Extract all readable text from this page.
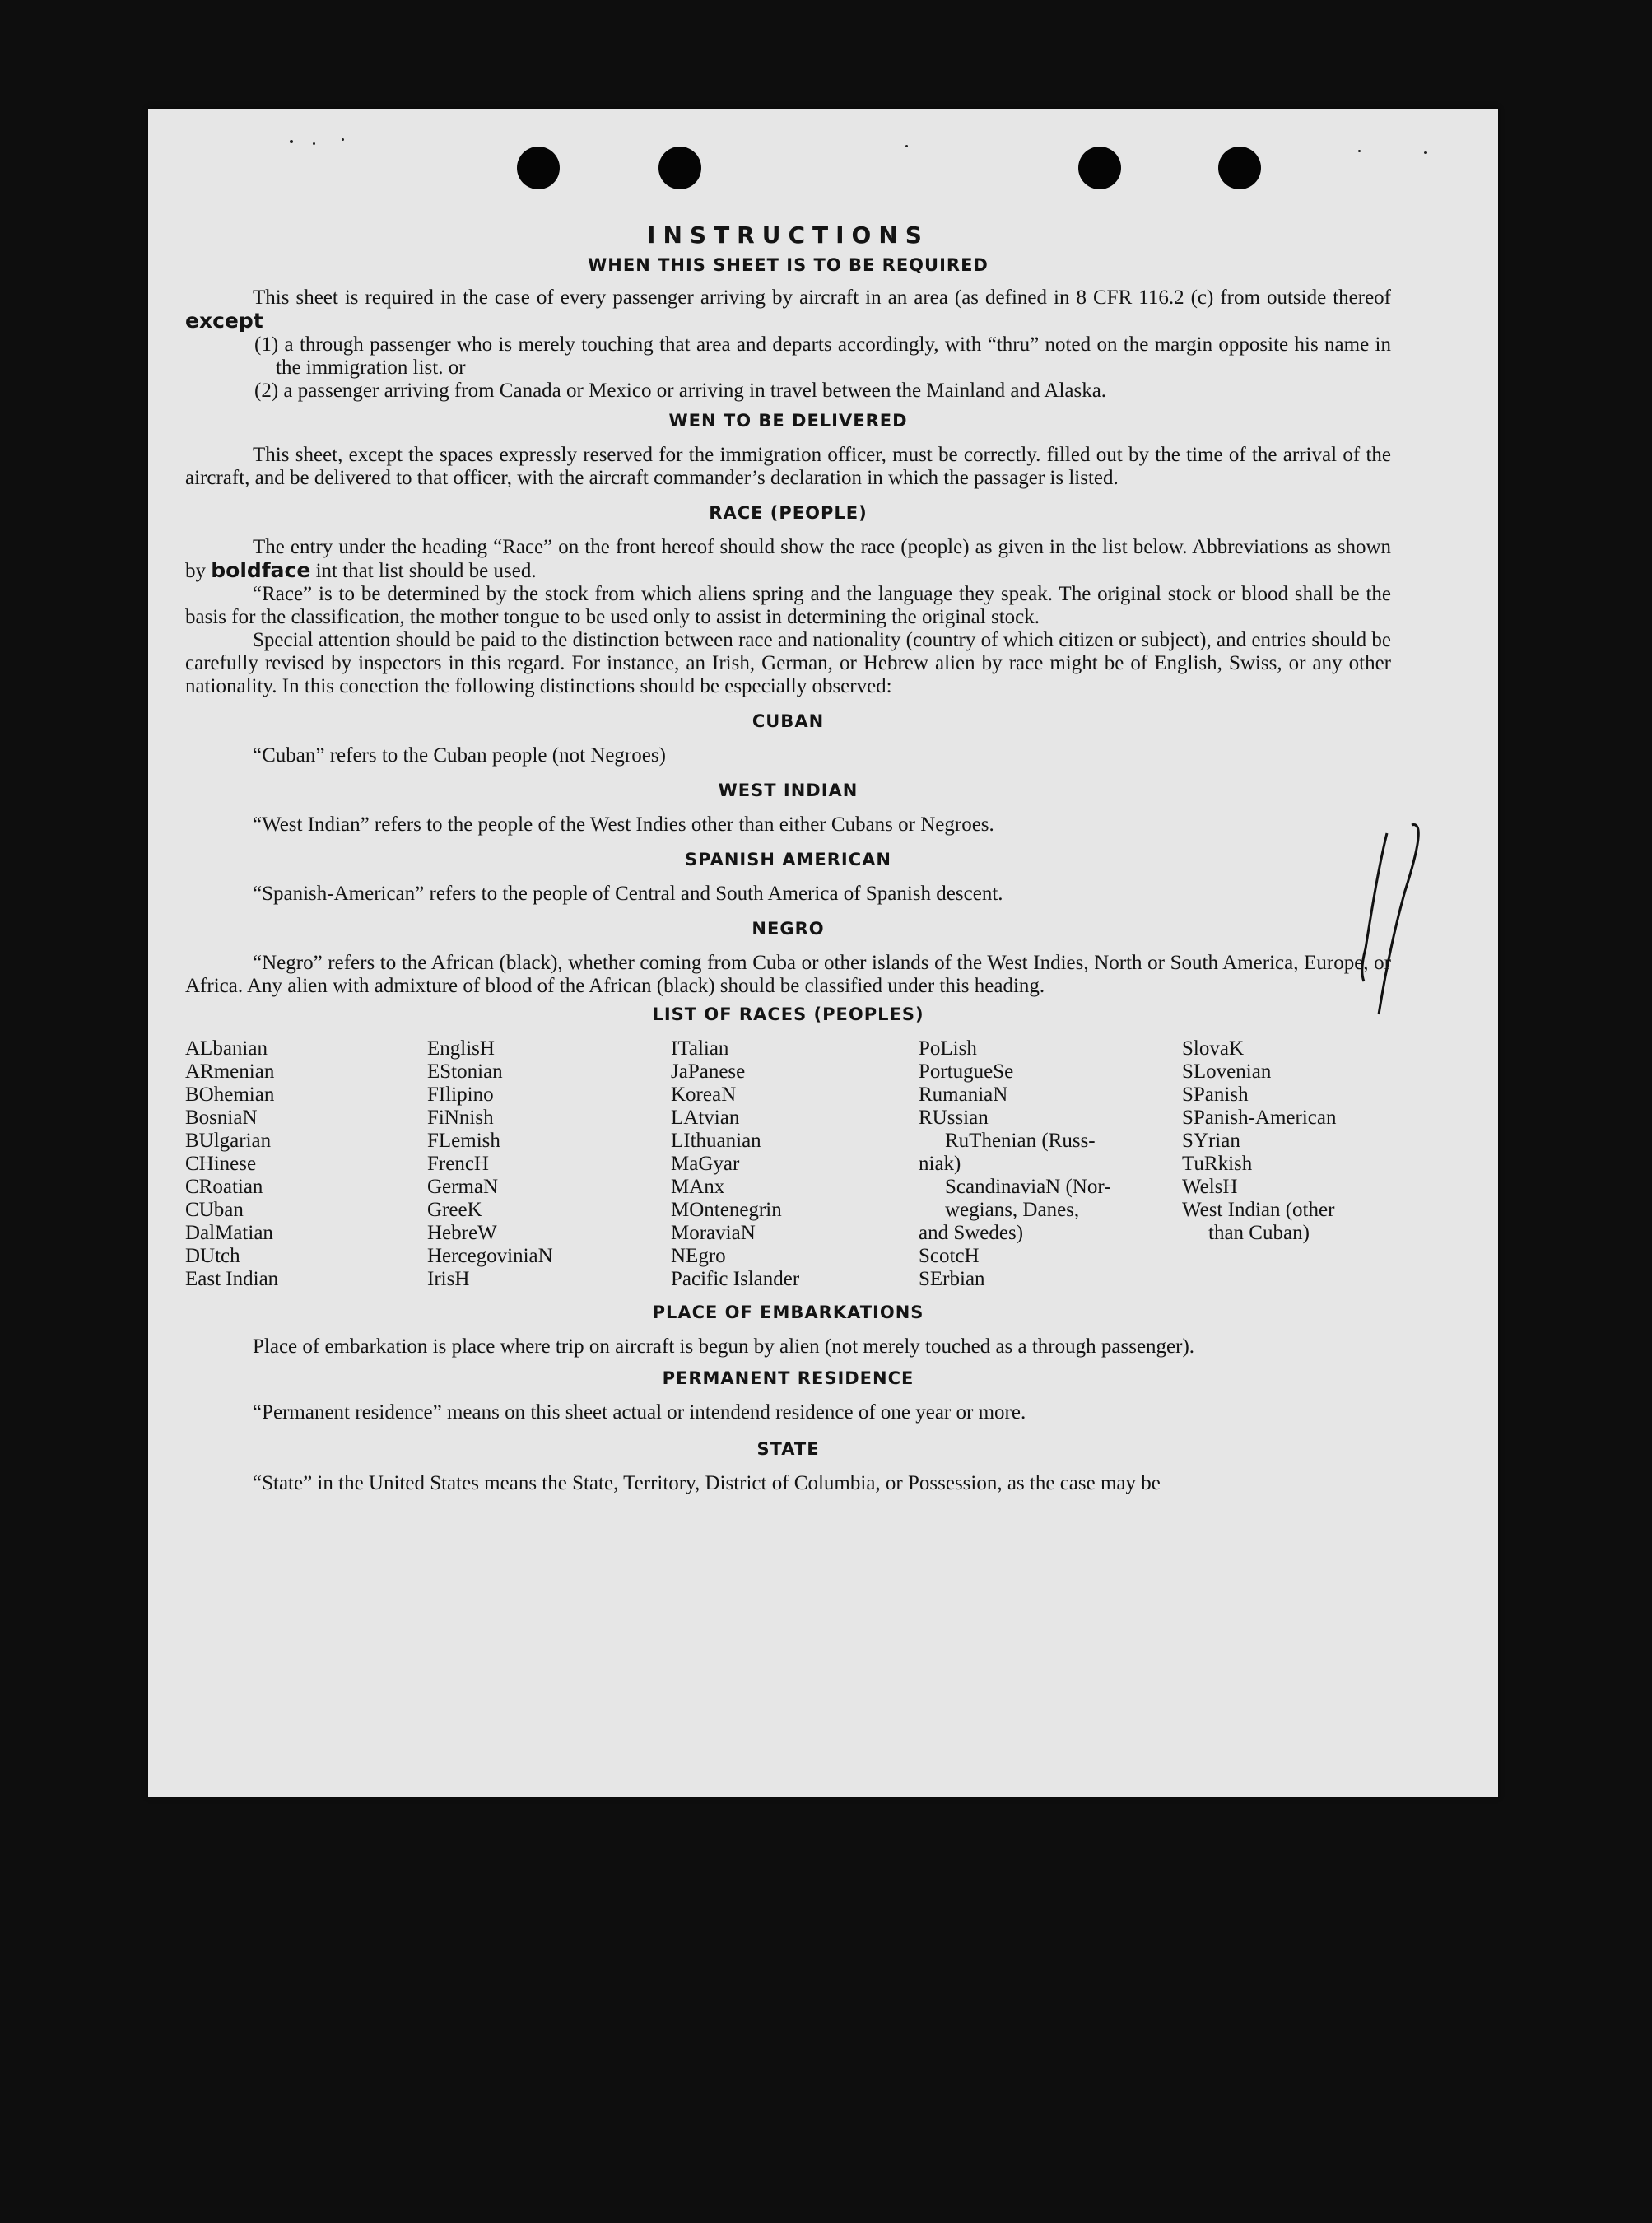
INSTRUCTIONS
WHEN THIS SHEET IS TO BE REQUIRED

This sheet is required in the case of every passenger arriving by aircraft in an area (as defined in 8 CFR 116.2 (c) from outside thereof except

(1) a through passenger who is merely touching that area and departs accordingly, with “thru” noted on the margin opposite his name in the immigration list. or

(2) a passenger arriving from Canada or Mexico or arriving in travel between the Mainland and Alaska.

WEN TO BE DELIVERED

This sheet, except the spaces expressly reserved for the immigration officer, must be correctly. filled out by the time of the arrival of the aircraft, and be delivered to that officer, with the aircraft commander’s declaration in which the passager is listed.

RACE (PEOPLE)

The entry under the heading “Race” on the front hereof should show the race (people) as given in the list below. Abbreviations as shown by boldface int that list should be used.

“Race” is to be determined by the stock from which aliens spring and the language they speak. The original stock or blood shall be the basis for the classification, the mother tongue to be used only to assist in determining the original stock.

Special attention should be paid to the distinction between race and nationality (country of which citizen or subject), and entries should be carefully revised by inspectors in this regard. For instance, an Irish, German, or Hebrew alien by race might be of English, Swiss, or any other nationality. In this conection the following distinctions should be especially observed:

CUBAN

“Cuban” refers to the Cuban people (not Negroes)

WEST INDIAN

“West Indian” refers to the people of the West Indies other than either Cubans or Negroes.

SPANISH AMERICAN

“Spanish-American” refers to the people of Central and South America of Spanish descent.

NEGRO

“Negro” refers to the African (black), whether coming from Cuba or other islands of the West Indies, North or South America, Europe, or Africa. Any alien with admixture of blood of the African (black) should be classified under this heading.

LIST OF RACES (PEOPLES)
ALbanian
ARmenian
BOhemian
BosniaN
BUlgarian
CHinese
CRoatian
CUban
DalMatian
DUtch
East Indian
EnglisH
EStonian
FIlipino
FiNnish
FLemish
FrencH
GermaN
GreeK
HebreW
HercegoviniaN
IrisH
ITalian
JaPanese
KoreaN
LAtvian
LIthuanian
MaGyar
MAnx
MOntenegrin
MoraviaN
NEgro
Pacific Islander
PoLish
PortugueSe
RumaniaN
RUssian
RuThenian (Russ-
niak)
ScandinaviaN (Nor-
wegians, Danes,
and Swedes)
ScotcH
SErbian
SlovaK
SLovenian
SPanish
SPanish-American
SYrian
TuRkish
WelsH
West Indian (other
than Cuban)
PLACE OF EMBARKATIONS

Place of embarkation is place where trip on aircraft is begun by alien (not merely touched as a through passenger).

PERMANENT RESIDENCE

“Permanent residence” means on this sheet actual or intendend residence of one year or more.

STATE

“State” in the United States means the State, Territory, District of Columbia, or Possession, as the case may be
